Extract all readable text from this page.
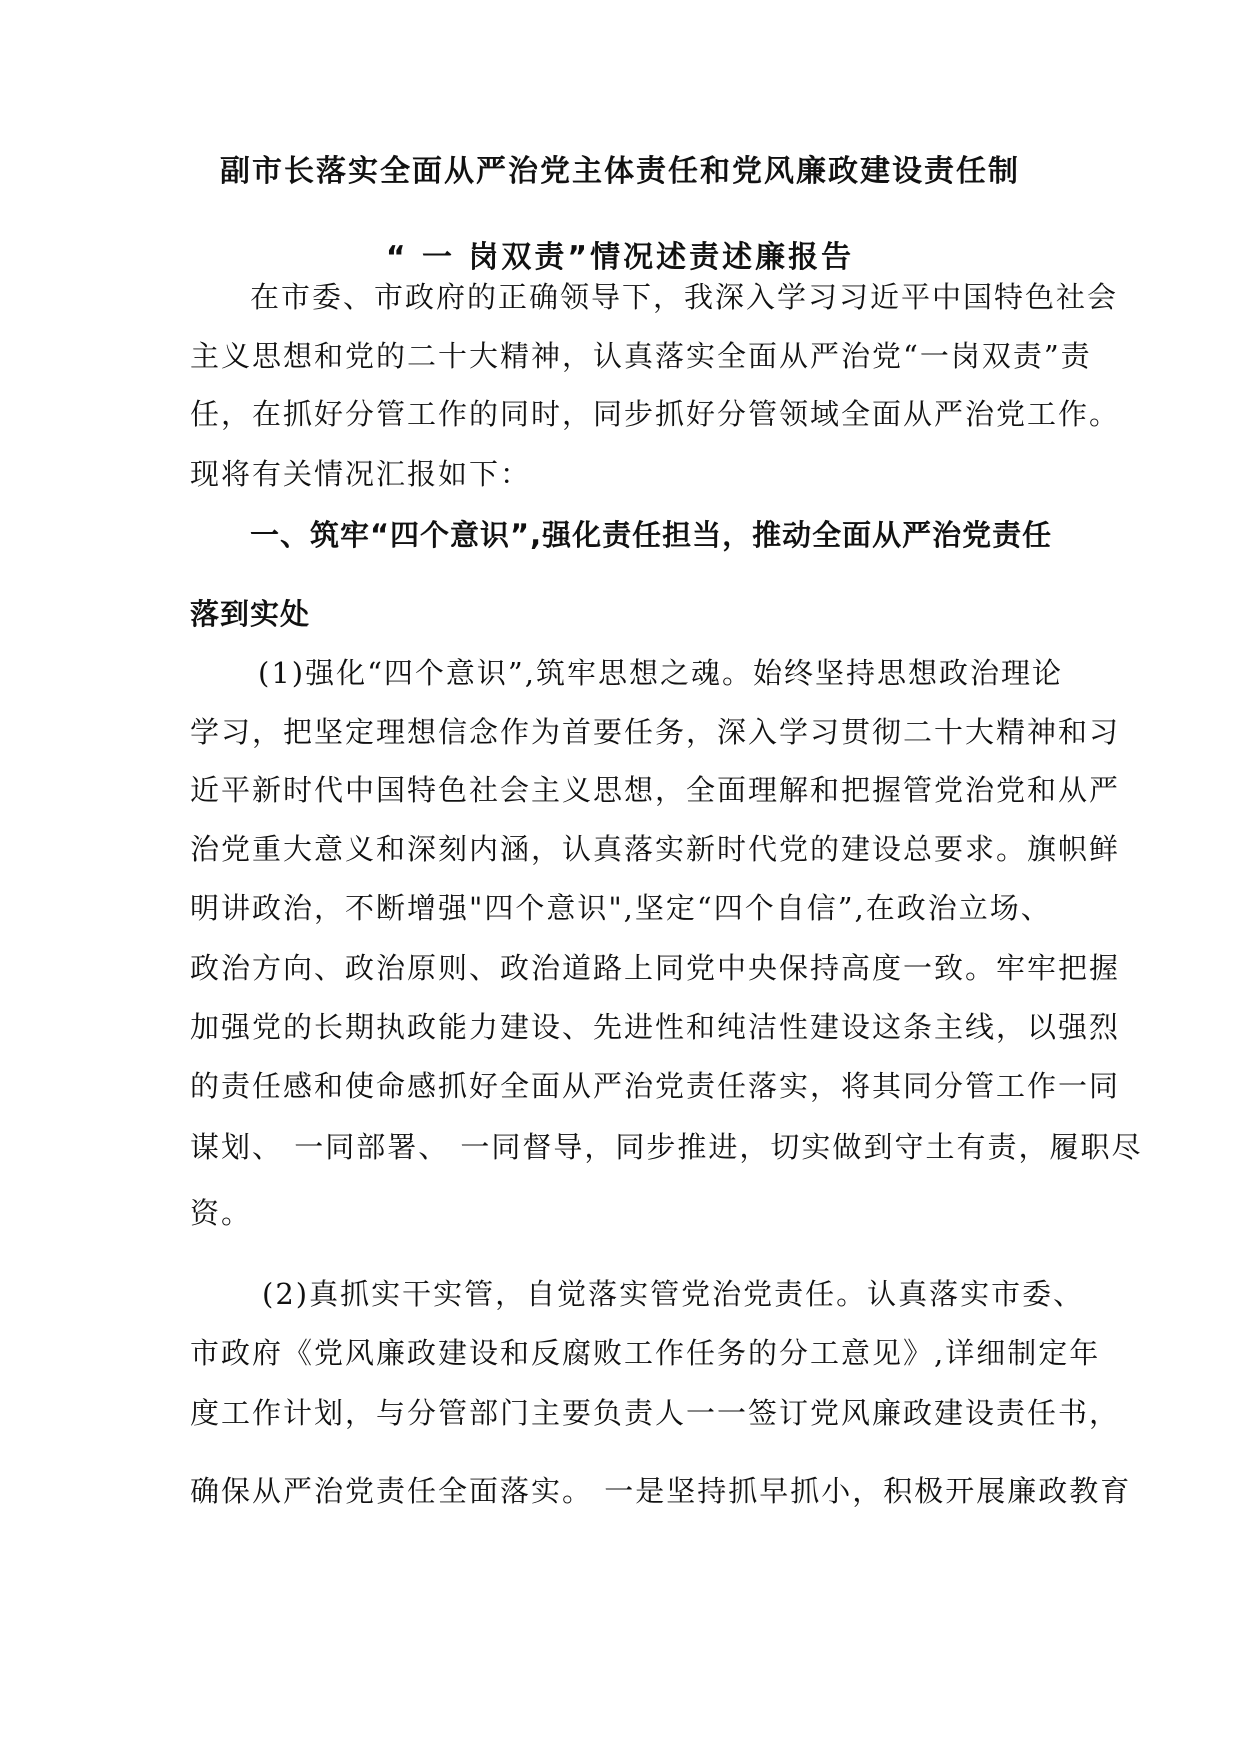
副市长落实全面从严治党主体责任和党风廉政建设责任制
“ 一 岗双责”情况述责述廉报告
在市委、市政府的正确领导下，我深入学习习近平中国特色社会
主义思想和党的二十大精神，认真落实全面从严治党“一岗双责”责
任，在抓好分管工作的同时，同步抓好分管领域全面从严治党工作。
现将有关情况汇报如下：
一、筑牢“四个意识”,强化责任担当，推动全面从严治党责任
落到实处
(1)强化“四个意识”,筑牢思想之魂。始终坚持思想政治理论
学习，把坚定理想信念作为首要任务，深入学习贯彻二十大精神和习
近平新时代中国特色社会主义思想，全面理解和把握管党治党和从严
治党重大意义和深刻内涵，认真落实新时代党的建设总要求。旗帜鲜
明讲政治，不断增强"四个意识",坚定“四个自信”,在政治立场、
政治方向、政治原则、政治道路上同党中央保持高度一致。牢牢把握
加强党的长期执政能力建设、先进性和纯洁性建设这条主线，以强烈
的责任感和使命感抓好全面从严治党责任落实，将其同分管工作一同
谋划、 一同部署、 一同督导，同步推进，切实做到守土有责，履职尽
资。
(2)真抓实干实管，自觉落实管党治党责任。认真落实市委、
市政府《党风廉政建设和反腐败工作任务的分工意见》,详细制定年
度工作计划，与分管部门主要负责人一一签订党风廉政建设责任书，
确保从严治党责任全面落实。 一是坚持抓早抓小，积极开展廉政教育
